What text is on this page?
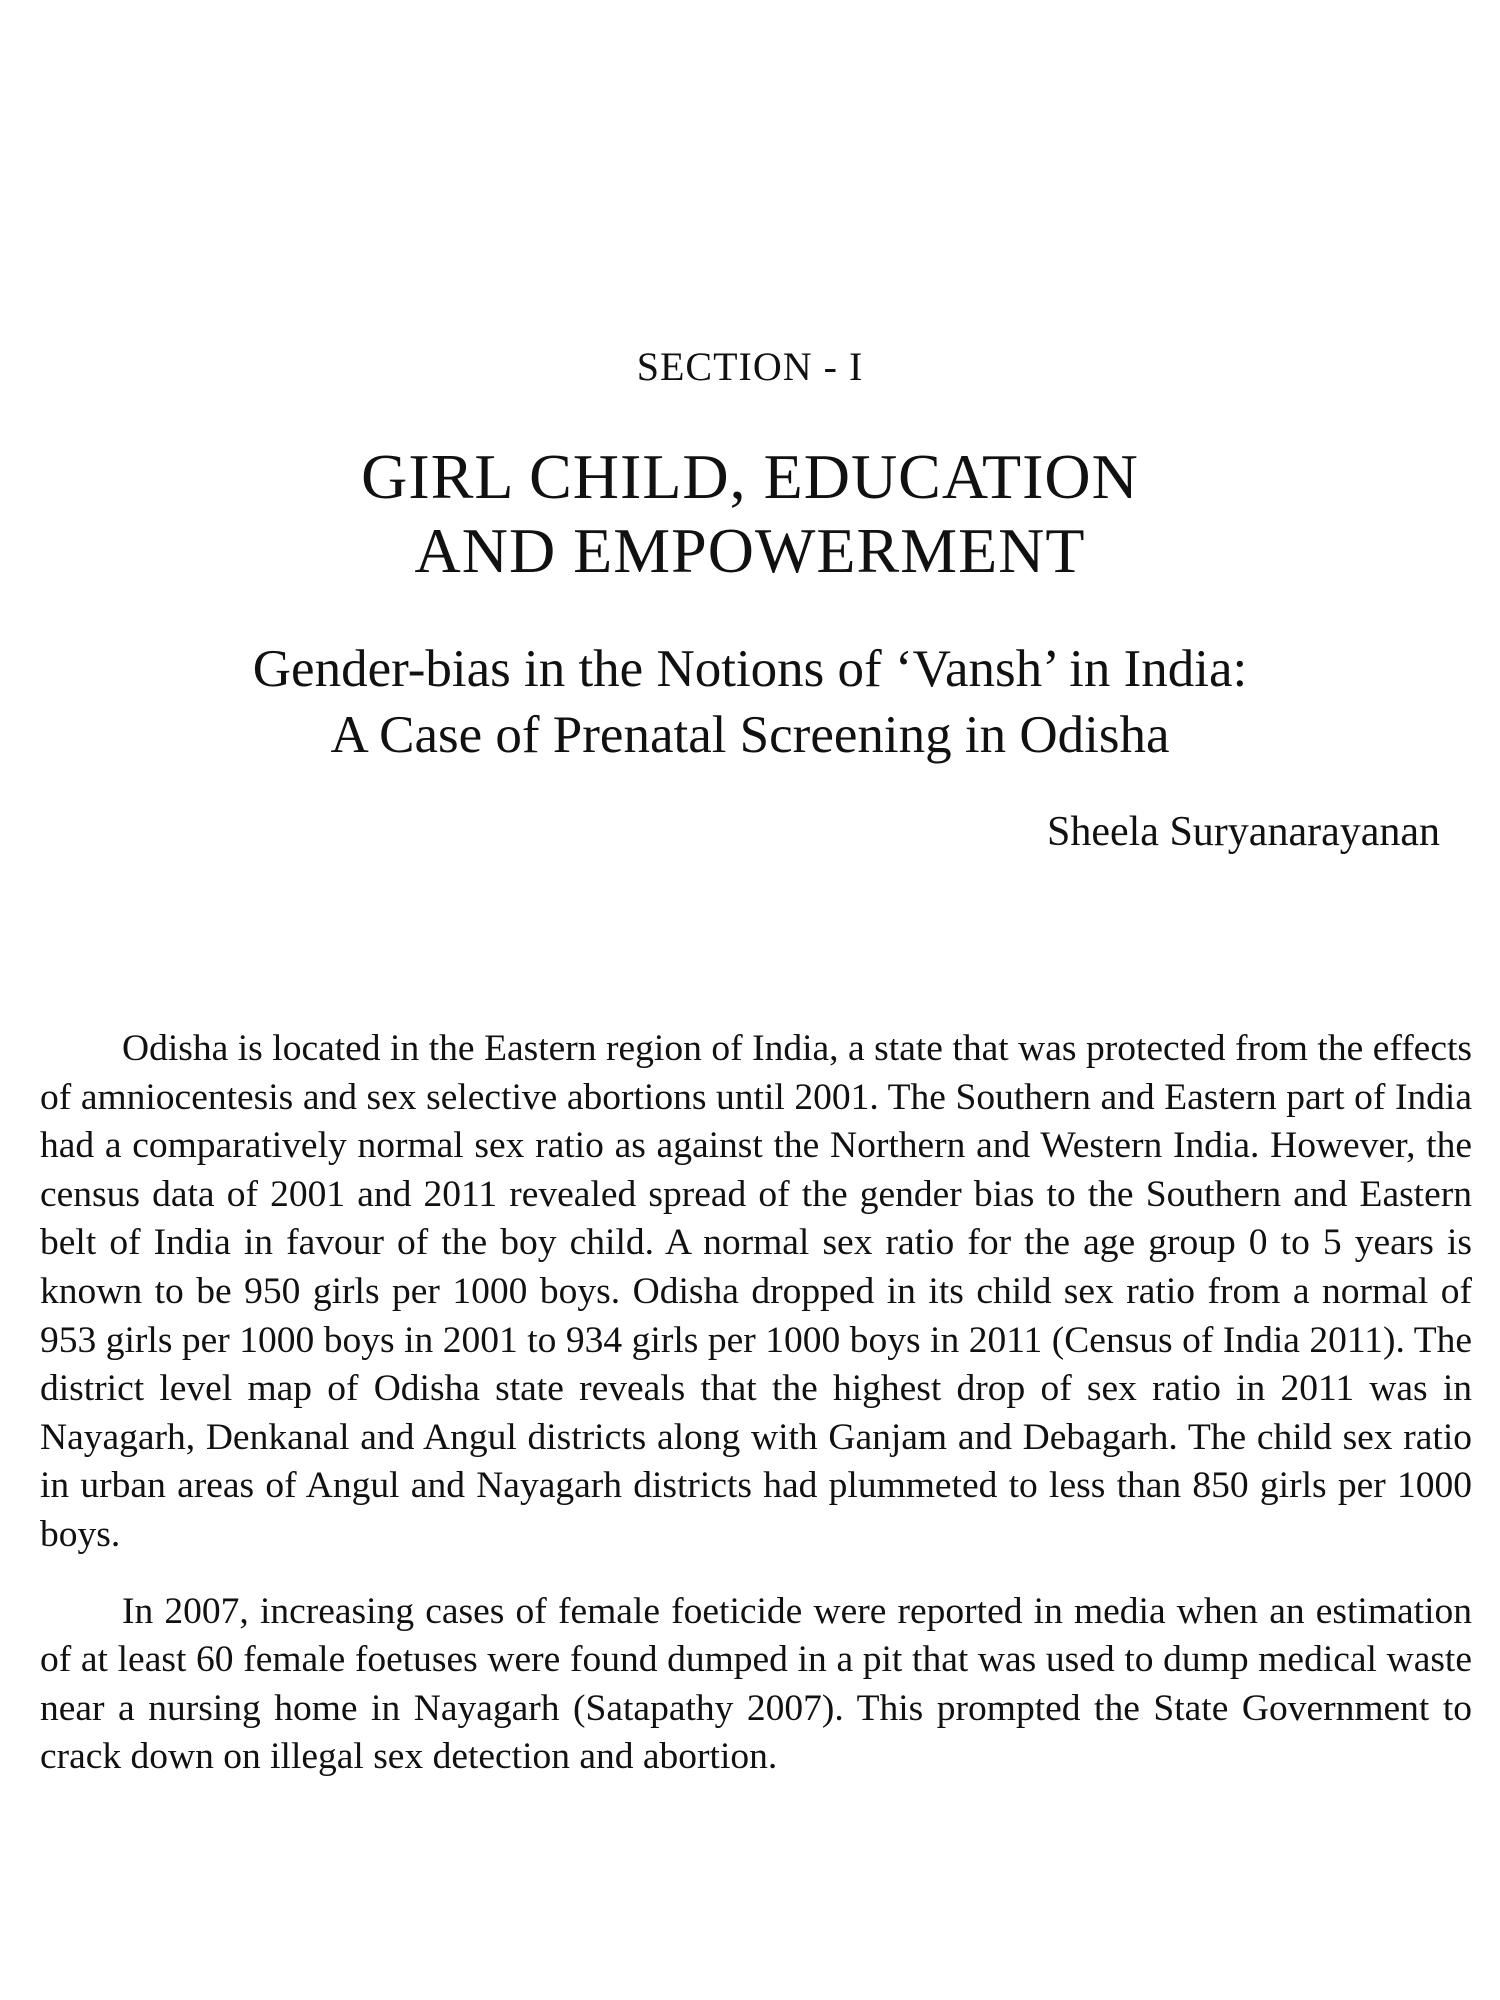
SECTION - I
GIRL CHILD, EDUCATION
AND EMPOWERMENT
Gender-bias in the Notions of ‘Vansh’ in India:
A Case of Prenatal Screening in Odisha
Sheela Suryanarayanan

Odisha is located in the Eastern region of India, a state that was protected from the effects of amniocentesis and sex selective abortions until 2001. The Southern and Eastern part of India had a comparatively normal sex ratio as against the Northern and Western India. However, the census data of 2001 and 2011 revealed spread of the gender bias to the Southern and Eastern belt of India in favour of the boy child. A normal sex ratio for the age group 0 to 5 years is known to be 950 girls per 1000 boys. Odisha dropped in its child sex ratio from a normal of 953 girls per 1000 boys in 2001 to 934 girls per 1000 boys in 2011 (Census of India 2011). The district level map of Odisha state reveals that the highest drop of sex ratio in 2011 was in Nayagarh, Denkanal and Angul districts along with Ganjam and Debagarh. The child sex ratio in urban areas of Angul and Nayagarh districts had plummeted to less than 850 girls per 1000 boys.

In 2007, increasing cases of female foeticide were reported in media when an estimation of at least 60 female foetuses were found dumped in a pit that was used to dump medical waste near a nursing home in Nayagarh (Satapathy 2007). This prompted the State Government to crack down on illegal sex detection and abortion.
